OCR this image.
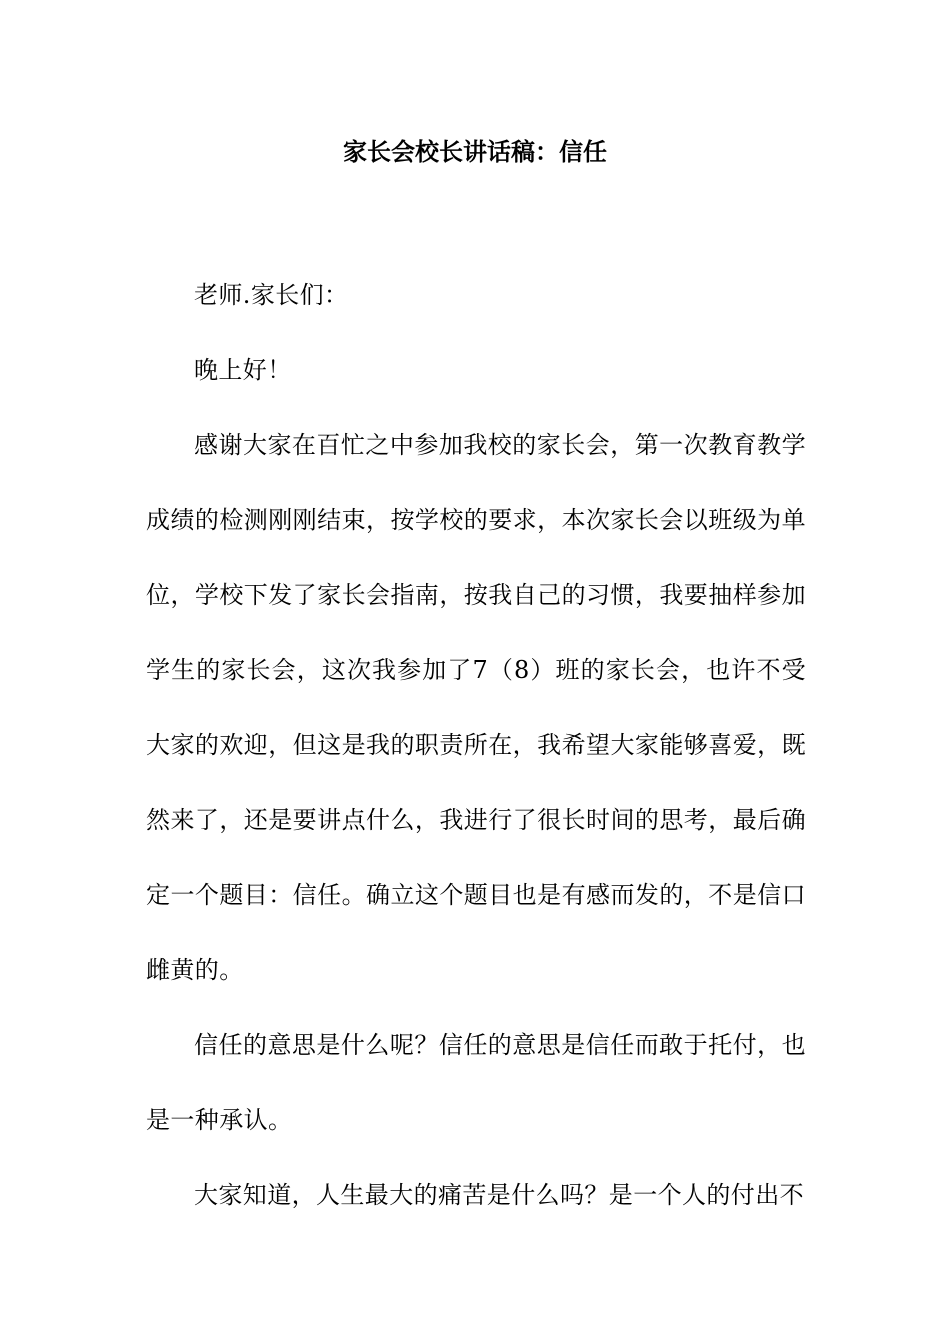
家长会校长讲话稿：信任

老师.家长们：

晚上好！

感谢大家在百忙之中参加我校的家长会，第一次教育教学成绩的检测刚刚结束，按学校的要求，本次家长会以班级为单位，学校下发了家长会指南，按我自己的习惯，我要抽样参加学生的家长会，这次我参加了7（8）班的家长会，也许不受大家的欢迎，但这是我的职责所在，我希望大家能够喜爱，既然来了，还是要讲点什么，我进行了很长时间的思考，最后确定一个题目：信任。确立这个题目也是有感而发的，不是信口雌黄的。

信任的意思是什么呢？信任的意思是信任而敢于托付，也是一种承认。

大家知道，人生最大的痛苦是什么吗？是一个人的付出不
